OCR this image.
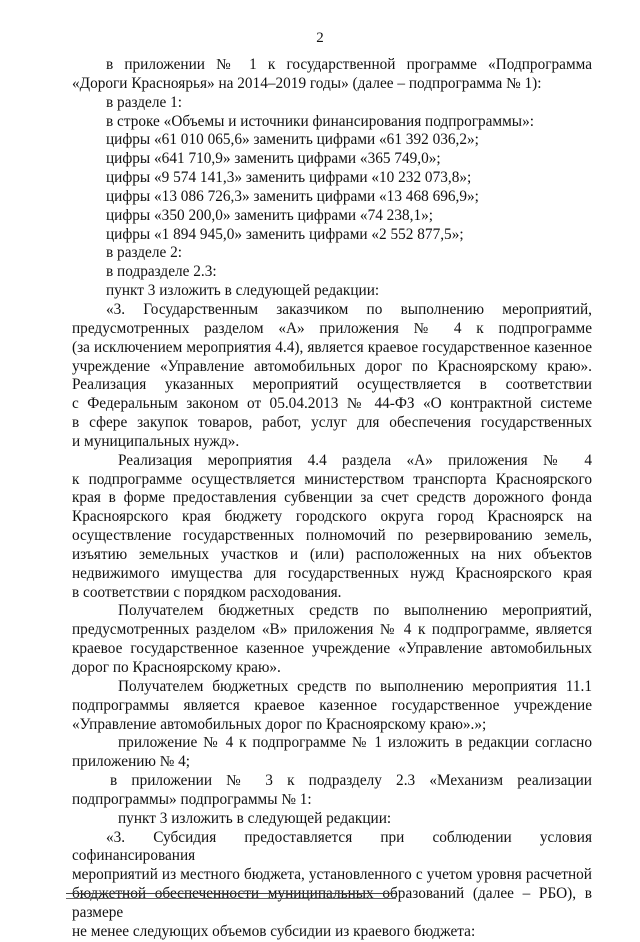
2

в приложении № 1 к государственной программе «Подпрограмма

«Дороги Красноярья» на 2014–2019 годы» (далее – подпрограмма № 1):

в разделе 1:

в строке «Объемы и источники финансирования подпрограммы»:

цифры «61 010 065,6» заменить цифрами «61 392 036,2»;

цифры «641 710,9» заменить цифрами «365 749,0»;

цифры «9 574 141,3» заменить цифрами «10 232 073,8»;

цифры «13 086 726,3» заменить цифрами «13 468 696,9»;

цифры «350 200,0» заменить цифрами «74 238,1»;

цифры «1 894 945,0» заменить цифрами «2 552 877,5»;

в разделе 2:

в подразделе 2.3:

пункт 3 изложить в следующей редакции:

«3. Государственным заказчиком по выполнению мероприятий,

предусмотренных разделом «А» приложения № 4 к подпрограмме

(за исключением мероприятия 4.4), является краевое государственное казенное

учреждение «Управление автомобильных дорог по Красноярскому краю».

Реализация указанных мероприятий осуществляется в соответствии

с Федеральным законом от 05.04.2013 № 44-ФЗ «О контрактной системе

в сфере закупок товаров, работ, услуг для обеспечения государственных

и муниципальных нужд».

Реализация мероприятия 4.4 раздела «А» приложения № 4

к подпрограмме осуществляется министерством транспорта Красноярского

края в форме предоставления субвенции за счет средств дорожного фонда

Красноярского края бюджету городского округа город Красноярск на

осуществление государственных полномочий по резервированию земель,

изъятию земельных участков и (или) расположенных на них объектов

недвижимого имущества для государственных нужд Красноярского края

в соответствии с порядком расходования.

Получателем бюджетных средств по выполнению мероприятий,

предусмотренных разделом «В» приложения № 4 к подпрограмме, является

краевое государственное казенное учреждение «Управление автомобильных

дорог по Красноярскому краю».

Получателем бюджетных средств по выполнению мероприятия 11.1

подпрограммы является краевое казенное государственное учреждение

«Управление автомобильных дорог по Красноярскому краю».»;

приложение № 4 к подпрограмме № 1 изложить в редакции согласно

приложению № 4;

в приложении № 3 к подразделу 2.3 «Механизм реализации

подпрограммы» подпрограммы № 1:

пункт 3 изложить в следующей редакции:

«3. Субсидия предоставляется при соблюдении условия софинансирования

мероприятий из местного бюджета, установленного с учетом уровня расчетной

бюджетной обеспеченности муниципальных образований (далее – РБО), в размере

не менее следующих объемов субсидии из краевого бюджета:
